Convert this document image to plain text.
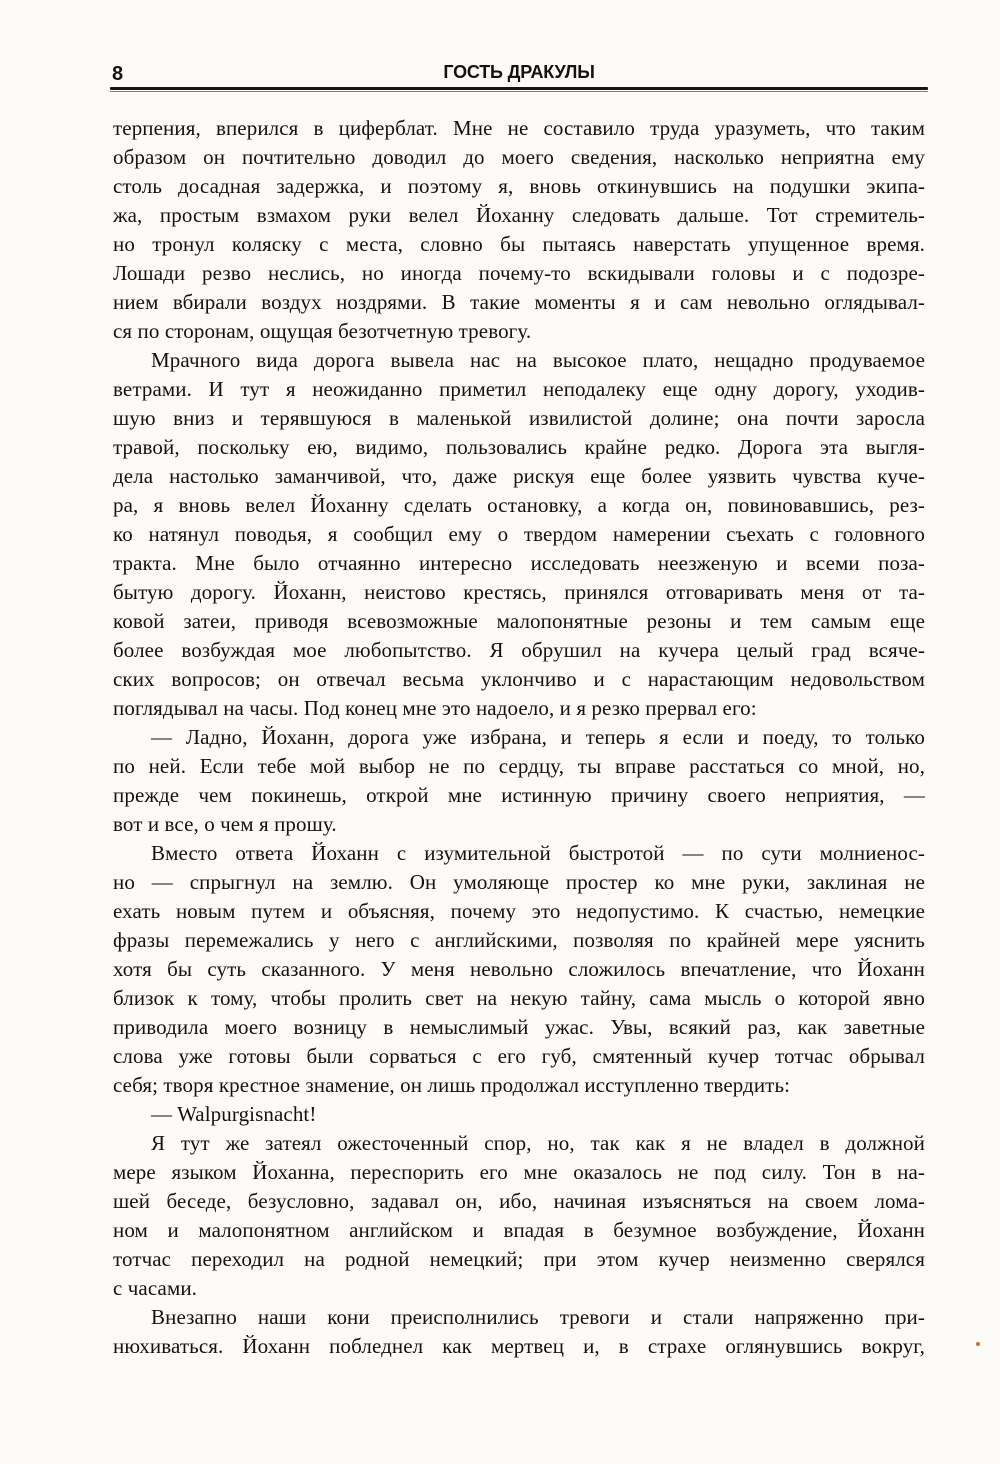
8	ГОСТЬ ДРАКУЛЫ
терпения, вперился в циферблат. Мне не составило труда уразуметь, что таким
образом он почтительно доводил до моего сведения, насколько неприятна ему
столь досадная задержка, и поэтому я, вновь откинувшись на подушки экипа-
жа, простым взмахом руки велел Йоханну следовать дальше. Тот стремитель-
но тронул коляску с места, словно бы пытаясь наверстать упущенное время.
Лошади резво неслись, но иногда почему-то вскидывали головы и с подозре-
нием вбирали воздух ноздрями. В такие моменты я и сам невольно оглядывал-
ся по сторонам, ощущая безотчетную тревогу.
Мрачного вида дорога вывела нас на высокое плато, нещадно продуваемое
ветрами. И тут я неожиданно приметил неподалеку еще одну дорогу, уходив-
шую вниз и терявшуюся в маленькой извилистой долине; она почти заросла
травой, поскольку ею, видимо, пользовались крайне редко. Дорога эта выгля-
дела настолько заманчивой, что, даже рискуя еще более уязвить чувства куче-
ра, я вновь велел Йоханну сделать остановку, а когда он, повиновавшись, рез-
ко натянул поводья, я сообщил ему о твердом намерении съехать с головного
тракта. Мне было отчаянно интересно исследовать неезженую и всеми поза-
бытую дорогу. Йоханн, неистово крестясь, принялся отговаривать меня от та-
ковой затеи, приводя всевозможные малопонятные резоны и тем самым еще
более возбуждая мое любопытство. Я обрушил на кучера целый град всяче-
ских вопросов; он отвечал весьма уклончиво и с нарастающим недовольством
поглядывал на часы. Под конец мне это надоело, и я резко прервал его:
— Ладно, Йоханн, дорога уже избрана, и теперь я если и поеду, то только
по ней. Если тебе мой выбор не по сердцу, ты вправе расстаться со мной, но,
прежде чем покинешь, открой мне истинную причину своего неприятия, —
вот и все, о чем я прошу.
Вместо ответа Йоханн с изумительной быстротой — по сути молниенос-
но — спрыгнул на землю. Он умоляюще простер ко мне руки, заклиная не
ехать новым путем и объясняя, почему это недопустимо. К счастью, немецкие
фразы перемежались у него с английскими, позволяя по крайней мере уяснить
хотя бы суть сказанного. У меня невольно сложилось впечатление, что Йоханн
близок к тому, чтобы пролить свет на некую тайну, сама мысль о которой явно
приводила моего возницу в немыслимый ужас. Увы, всякий раз, как заветные
слова уже готовы были сорваться с его губ, смятенный кучер тотчас обрывал
себя; творя крестное знамение, он лишь продолжал исступленно твердить:
— Walpurgisnacht!
Я тут же затеял ожесточенный спор, но, так как я не владел в должной
мере языком Йоханна, переспорить его мне оказалось не под силу. Тон в на-
шей беседе, безусловно, задавал он, ибо, начиная изъясняться на своем лома-
ном и малопонятном английском и впадая в безумное возбуждение, Йоханн
тотчас переходил на родной немецкий; при этом кучер неизменно сверялся
с часами.
Внезапно наши кони преисполнились тревоги и стали напряженно при-
нюхиваться. Йоханн побледнел как мертвец и, в страхе оглянувшись вокруг,
